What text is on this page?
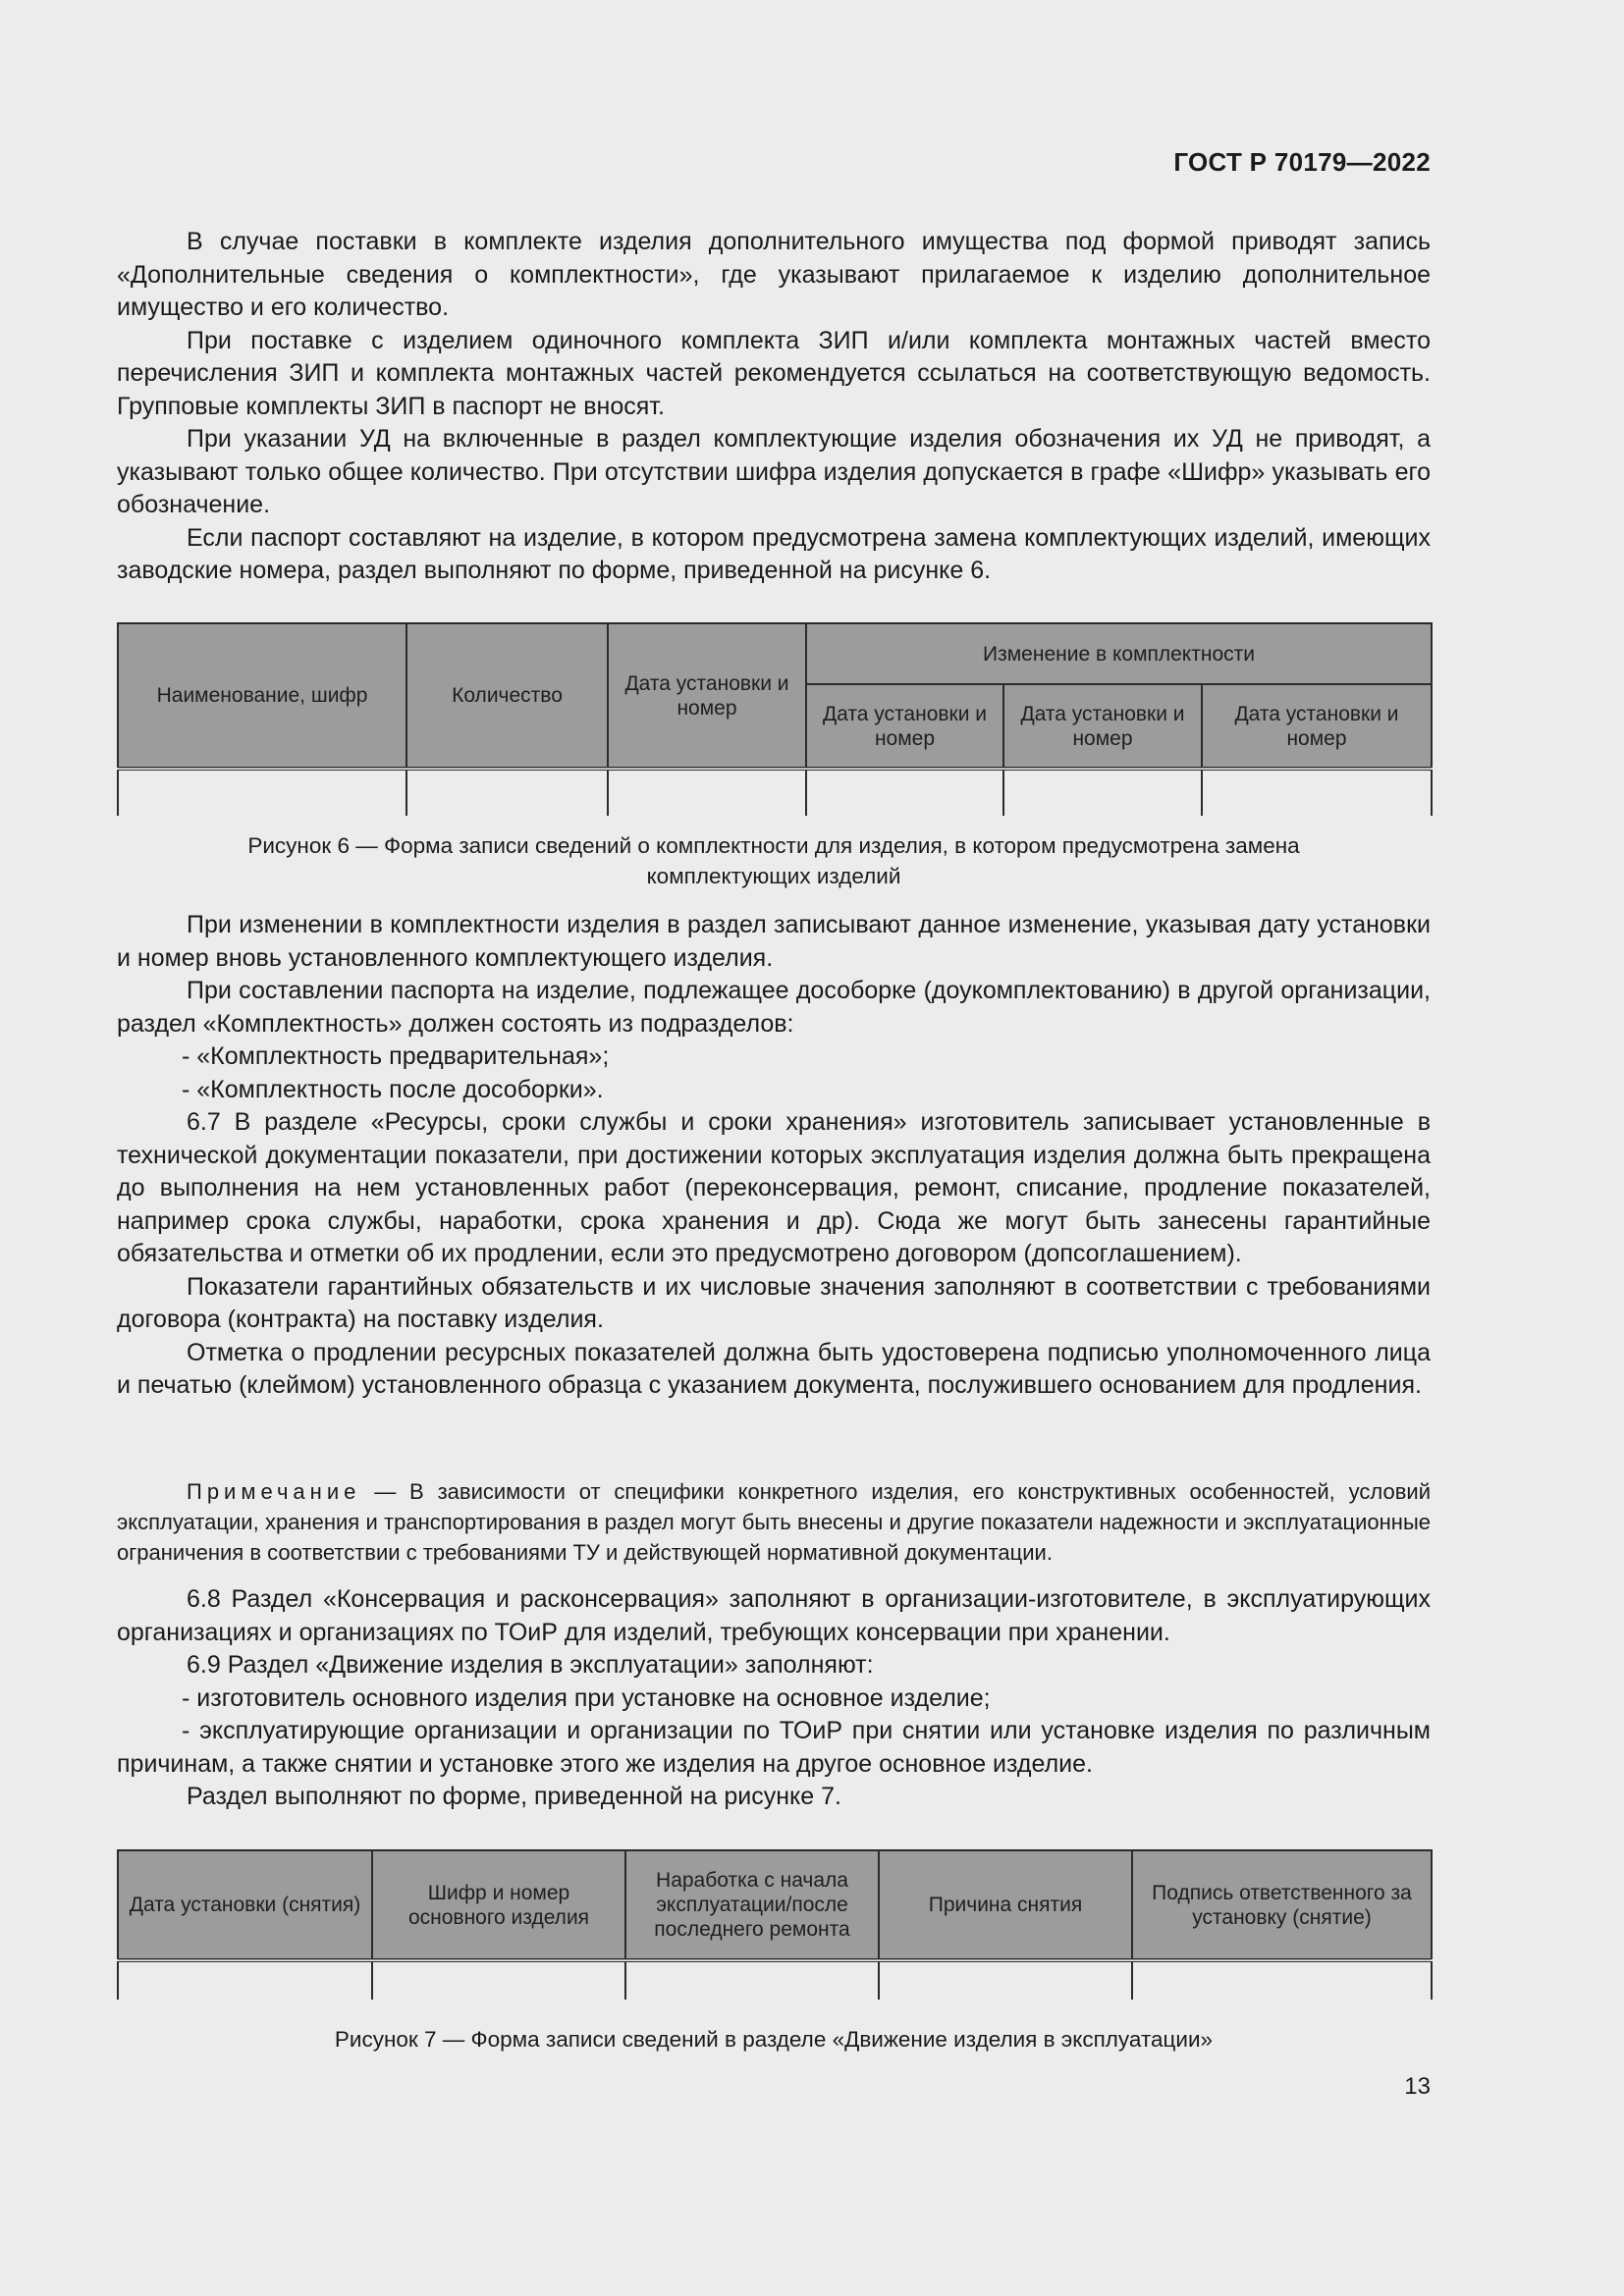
ГОСТ Р 70179—2022

В случае поставки в комплекте изделия дополнительного имущества под формой приводят запись «Дополнительные сведения о комплектности», где указывают прилагаемое к изделию дополнительное имущество и его количество.

При поставке с изделием одиночного комплекта ЗИП и/или комплекта монтажных частей вместо перечисления ЗИП и комплекта монтажных частей рекомендуется ссылаться на соответствующую ведомость. Групповые комплекты ЗИП в паспорт не вносят.

При указании УД на включенные в раздел комплектующие изделия обозначения их УД не приводят, а указывают только общее количество. При отсутствии шифра изделия допускается в графе «Шифр» указывать его обозначение.

Если паспорт составляют на изделие, в котором предусмотрена замена комплектующих изделий, имеющих заводские номера, раздел выполняют по форме, приведенной на рисунке 6.

Наименование, шифр	Количество	Дата установки и номер	Изменение в комплектности		
			Дата установки и номер	Дата установки и номер	Дата установки и номер

Рисунок 6 — Форма записи сведений о комплектности для изделия, в котором предусмотрена замена
комплектующих изделий

При изменении в комплектности изделия в раздел записывают данное изменение, указывая дату установки и номер вновь установленного комплектующего изделия.

При составлении паспорта на изделие, подлежащее дособорке (доукомплектованию) в другой организации, раздел «Комплектность» должен состоять из подразделов:

- «Комплектность предварительная»;

- «Комплектность после дособорки».

6.7 В разделе «Ресурсы, сроки службы и сроки хранения» изготовитель записывает установленные в технической документации показатели, при достижении которых эксплуатация изделия должна быть прекращена до выполнения на нем установленных работ (переконсервация, ремонт, списание, продление показателей, например срока службы, наработки, срока хранения и др). Сюда же могут быть занесены гарантийные обязательства и отметки об их продлении, если это предусмотрено договором (допсоглашением).

Показатели гарантийных обязательств и их числовые значения заполняют в соответствии с требованиями договора (контракта) на поставку изделия.

Отметка о продлении ресурсных показателей должна быть удостоверена подписью уполномоченного лица и печатью (клеймом) установленного образца с указанием документа, послужившего основанием для продления.

Примечание — В зависимости от специфики конкретного изделия, его конструктивных особенностей, условий эксплуатации, хранения и транспортирования в раздел могут быть внесены и другие показатели надежности и эксплуатационные ограничения в соответствии с требованиями ТУ и действующей нормативной документации.

6.8 Раздел «Консервация и расконсервация» заполняют в организации-изготовителе, в эксплуатирующих организациях и организациях по ТОиР для изделий, требующих консервации при хранении.

6.9 Раздел «Движение изделия в эксплуатации» заполняют:

- изготовитель основного изделия при установке на основное изделие;

- эксплуатирующие организации и организации по ТОиР при снятии или установке изделия по различным причинам, а также снятии и установке этого же изделия на другое основное изделие.

Раздел выполняют по форме, приведенной на рисунке 7.

Дата установки (снятия)	Шифр и номер основного изделия	Наработка с начала эксплуатации/после последнего ремонта	Причина снятия	Подпись ответственного за установку (снятие)

Рисунок 7 — Форма записи сведений в разделе «Движение изделия в эксплуатации»
13
